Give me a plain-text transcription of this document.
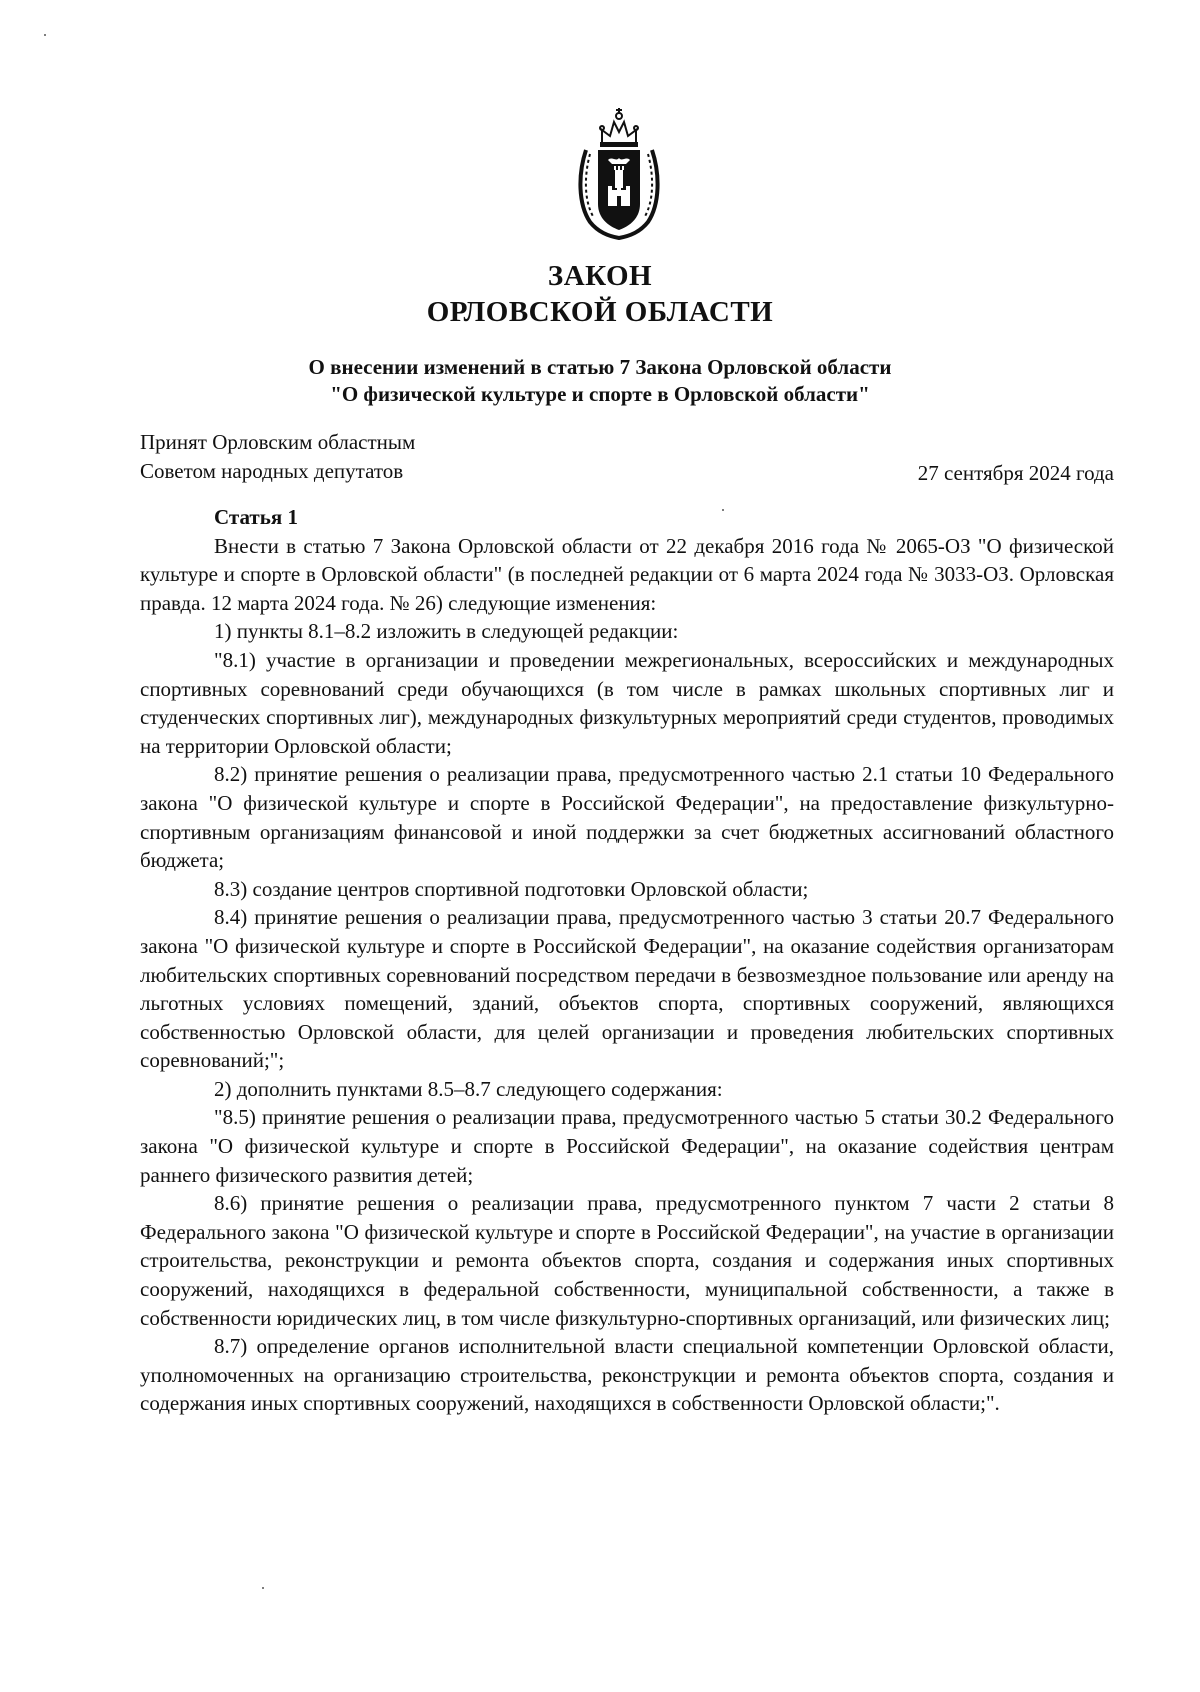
ЗАКОН
ОРЛОВСКОЙ ОБЛАСТИ
О внесении изменений в статью 7 Закона Орловской области
"О физической культуре и спорте в Орловской области"
Принят Орловским областным
Советом народных депутатов	27 сентября 2024 года
Статья 1

Внести в статью 7 Закона Орловской области от 22 декабря 2016 года № 2065-ОЗ "О физической культуре и спорте в Орловской области" (в последней редакции от 6 марта 2024 года № 3033-ОЗ. Орловская правда. 12 марта 2024 года. № 26) следующие изменения:

1) пункты 8.1–8.2 изложить в следующей редакции:

"8.1) участие в организации и проведении межрегиональных, всероссийских и международных спортивных соревнований среди обучающихся (в том числе в рамках школьных спортивных лиг и студенческих спортивных лиг), международных физкультурных мероприятий среди студентов, проводимых на территории Орловской области;

8.2) принятие решения о реализации права, предусмотренного частью 2.1 статьи 10 Федерального закона "О физической культуре и спорте в Российской Федерации", на предоставление физкультурно-спортивным организациям финансовой и иной поддержки за счет бюджетных ассигнований областного бюджета;

8.3) создание центров спортивной подготовки Орловской области;

8.4) принятие решения о реализации права, предусмотренного частью 3 статьи 20.7 Федерального закона "О физической культуре и спорте в Российской Федерации", на оказание содействия организаторам любительских спортивных соревнований посредством передачи в безвозмездное пользование или аренду на льготных условиях помещений, зданий, объектов спорта, спортивных сооружений, являющихся собственностью Орловской области, для целей организации и проведения любительских спортивных соревнований;";

2) дополнить пунктами 8.5–8.7 следующего содержания:

"8.5) принятие решения о реализации права, предусмотренного частью 5 статьи 30.2 Федерального закона "О физической культуре и спорте в Российской Федерации", на оказание содействия центрам раннего физического развития детей;

8.6) принятие решения о реализации права, предусмотренного пунктом 7 части 2 статьи 8 Федерального закона "О физической культуре и спорте в Российской Федерации", на участие в организации строительства, реконструкции и ремонта объектов спорта, создания и содержания иных спортивных сооружений, находящихся в федеральной собственности, муниципальной собственности, а также в собственности юридических лиц, в том числе физкультурно-спортивных организаций, или физических лиц;

8.7) определение органов исполнительной власти специальной компетенции Орловской области, уполномоченных на организацию строительства, реконструкции и ремонта объектов спорта, создания и содержания иных спортивных сооружений, находящихся в собственности Орловской области;".
